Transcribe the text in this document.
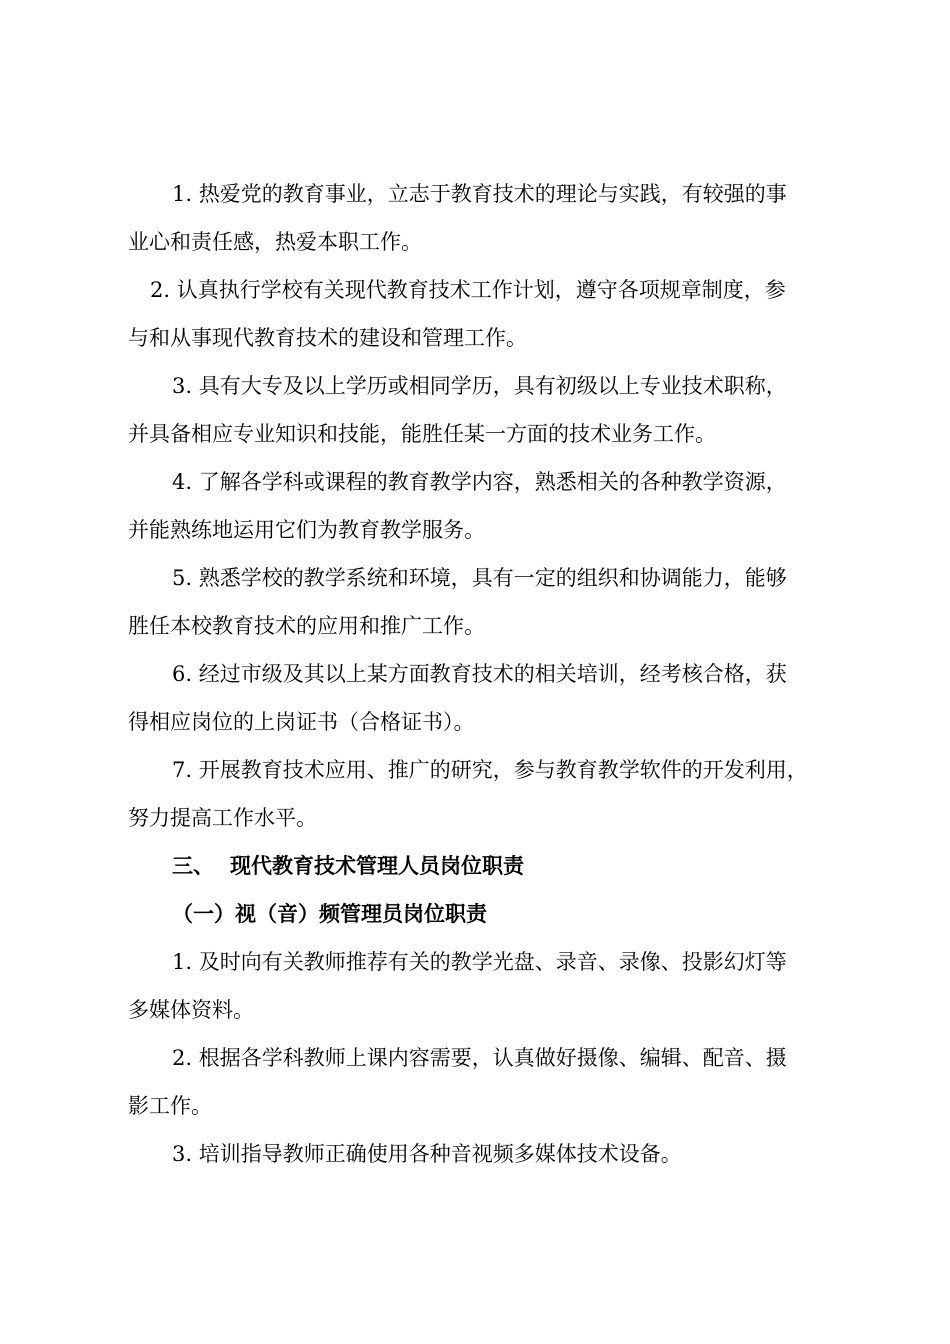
1. 热爱党的教育事业，立志于教育技术的理论与实践，有较强的事
业心和责任感，热爱本职工作。
2. 认真执行学校有关现代教育技术工作计划，遵守各项规章制度，参
与和从事现代教育技术的建设和管理工作。
3. 具有大专及以上学历或相同学历，具有初级以上专业技术职称，
并具备相应专业知识和技能，能胜任某一方面的技术业务工作。
4. 了解各学科或课程的教育教学内容，熟悉相关的各种教学资源，
并能熟练地运用它们为教育教学服务。
5. 熟悉学校的教学系统和环境，具有一定的组织和协调能力，能够
胜任本校教育技术的应用和推广工作。
6. 经过市级及其以上某方面教育技术的相关培训，经考核合格，获
得相应岗位的上岗证书（合格证书）。
7. 开展教育技术应用、推广的研究，参与教育教学软件的开发利用，
努力提高工作水平。
三、 现代教育技术管理人员岗位职责
（一）视（音）频管理员岗位职责
1. 及时向有关教师推荐有关的教学光盘、录音、录像、投影幻灯等
多媒体资料。
2. 根据各学科教师上课内容需要，认真做好摄像、编辑、配音、摄
影工作。
3. 培训指导教师正确使用各种音视频多媒体技术设备。
